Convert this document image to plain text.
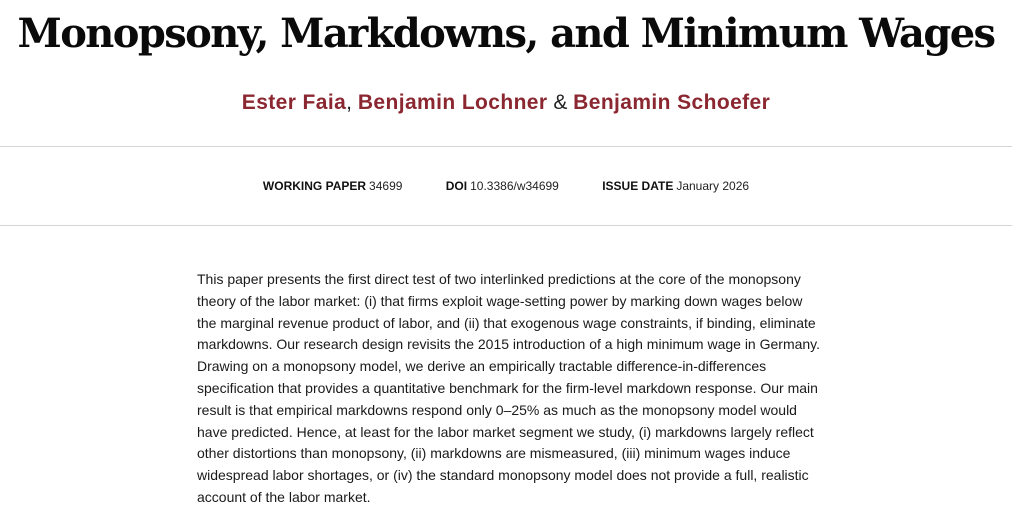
Monopsony, Markdowns, and Minimum Wages
Ester Faia, Benjamin Lochner & Benjamin Schoefer
WORKING PAPER 34699	DOI 10.3386/w34699	ISSUE DATE January 2026

This paper presents the first direct test of two interlinked predictions at the core of the monopsony theory of the labor market: (i) that firms exploit wage-setting power by marking down wages below the marginal revenue product of labor, and (ii) that exogenous wage constraints, if binding, eliminate markdowns. Our research design revisits the 2015 introduction of a high minimum wage in Germany. Drawing on a monopsony model, we derive an empirically tractable difference-in-differences specification that provides a quantitative benchmark for the firm-level markdown response. Our main result is that empirical markdowns respond only 0–25% as much as the monopsony model would have predicted. Hence, at least for the labor market segment we study, (i) markdowns largely reflect other distortions than monopsony, (ii) markdowns are mismeasured, (iii) minimum wages induce widespread labor shortages, or (iv) the standard monopsony model does not provide a full, realistic account of the labor market.
